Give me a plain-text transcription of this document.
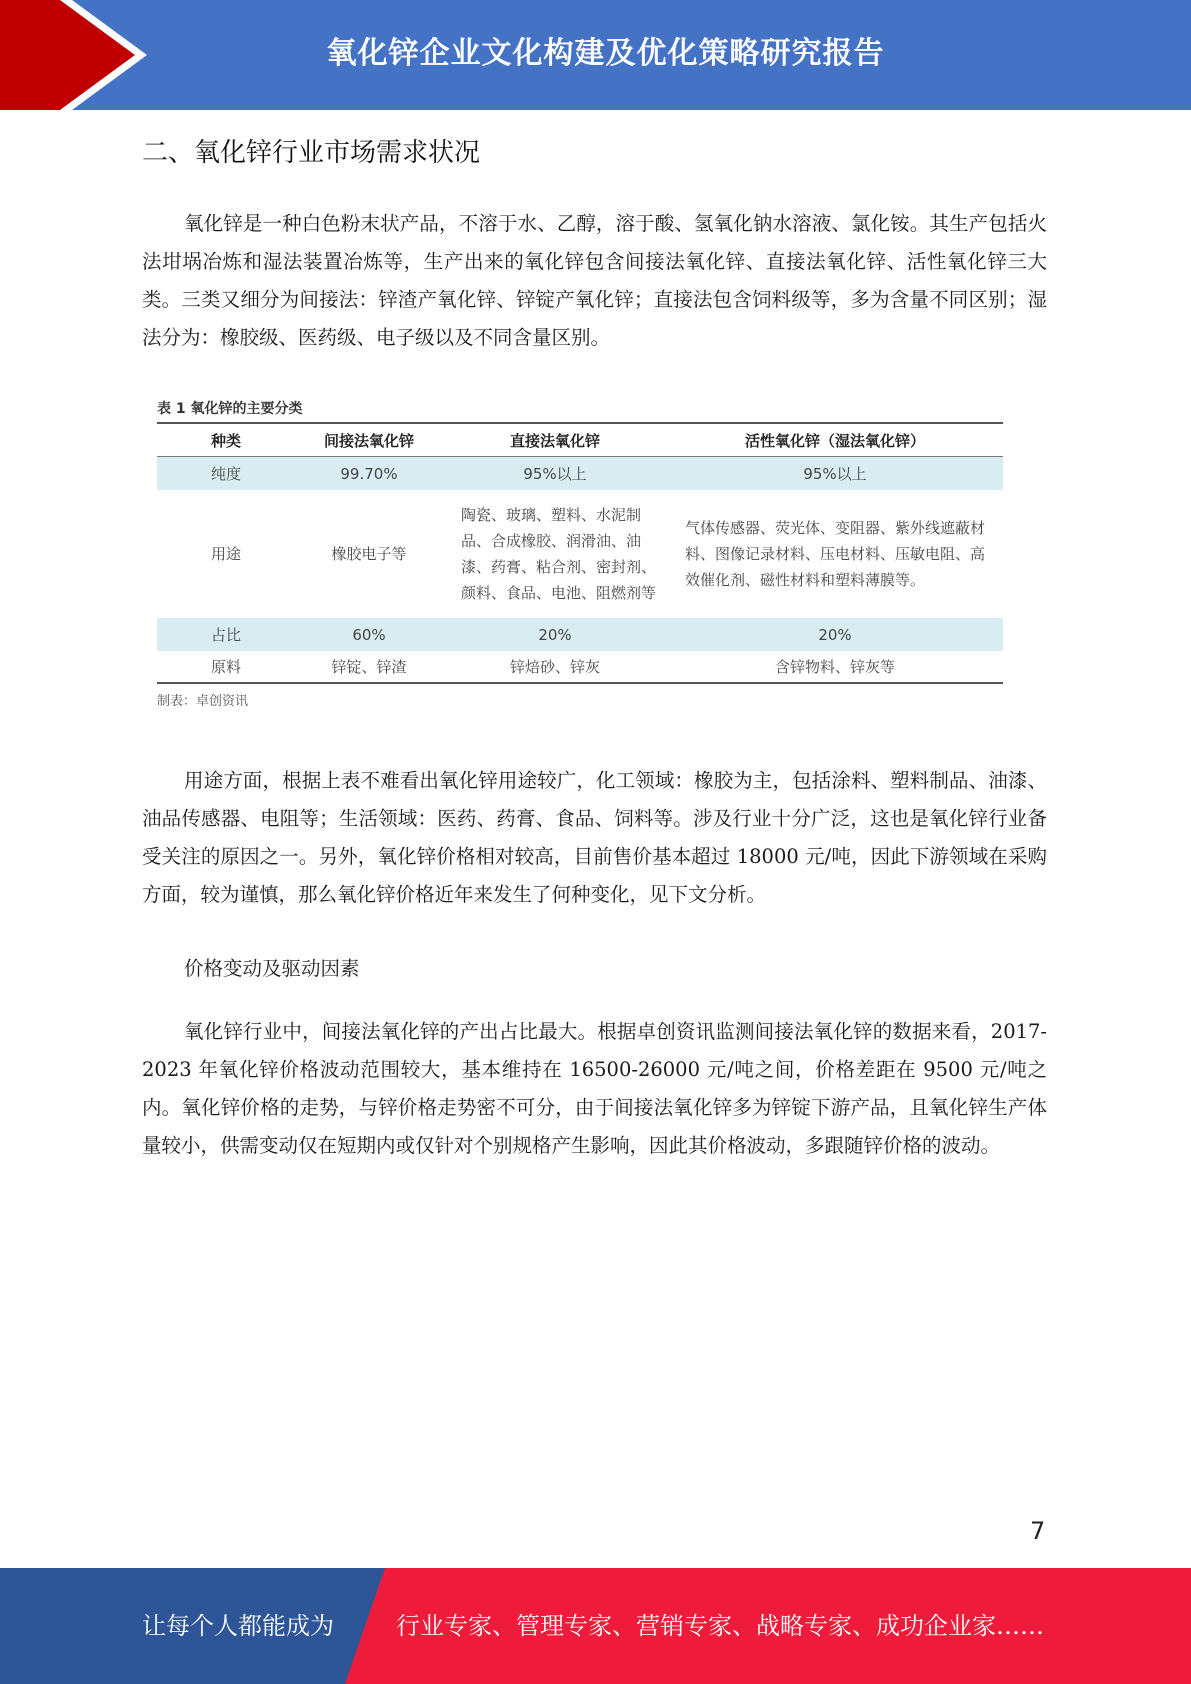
氧化锌企业文化构建及优化策略研究报告
二、氧化锌行业市场需求状况

氧化锌是一种白色粉末状产品，不溶于水、乙醇，溶于酸、氢氧化钠水溶液、氯化铵。其生产包括火法坩埚冶炼和湿法装置冶炼等，生产出来的氧化锌包含间接法氧化锌、直接法氧化锌、活性氧化锌三大类。三类又细分为间接法：锌渣产氧化锌、锌锭产氧化锌；直接法包含饲料级等，多为含量不同区别；湿法分为：橡胶级、医药级、电子级以及不同含量区别。

用途方面，根据上表不难看出氧化锌用途较广，化工领域：橡胶为主，包括涂料、塑料制品、油漆、油品传感器、电阻等；生活领域：医药、药膏、食品、饲料等。涉及行业十分广泛，这也是氧化锌行业备受关注的原因之一。另外，氧化锌价格相对较高，目前售价基本超过 18000 元/吨，因此下游领域在采购方面，较为谨慎，那么氧化锌价格近年来发生了何种变化，见下文分析。

价格变动及驱动因素

氧化锌行业中，间接法氧化锌的产出占比最大。根据卓创资讯监测间接法氧化锌的数据来看，2017-2023 年氧化锌价格波动范围较大，基本维持在 16500-26000 元/吨之间，价格差距在 9500 元/吨之内。氧化锌价格的走势，与锌价格走势密不可分，由于间接法氧化锌多为锌锭下游产品，且氧化锌生产体量较小，供需变动仅在短期内或仅针对个别规格产生影响，因此其价格波动，多跟随锌价格的波动。

表 1 氧化锌的主要分类
种类	间接法氧化锌	直接法氧化锌	活性氧化锌（湿法氧化锌）
纯度	99.70%	95%以上	95%以上
用途	橡胶电子等	陶瓷、玻璃、塑料、水泥制品、合成橡胶、润滑油、油漆、药膏、粘合剂、密封剂、颜料、食品、电池、阻燃剂等	气体传感器、荧光体、变阻器、紫外线遮蔽材料、图像记录材料、压电材料、压敏电阻、高效催化剂、磁性材料和塑料薄膜等。
占比	60%	20%	20%
原料	锌锭、锌渣	锌焙砂、锌灰	含锌物料、锌灰等
制表：卓创资讯
7
让每个人都能成为	行业专家、管理专家、营销专家、战略专家、成功企业家……
